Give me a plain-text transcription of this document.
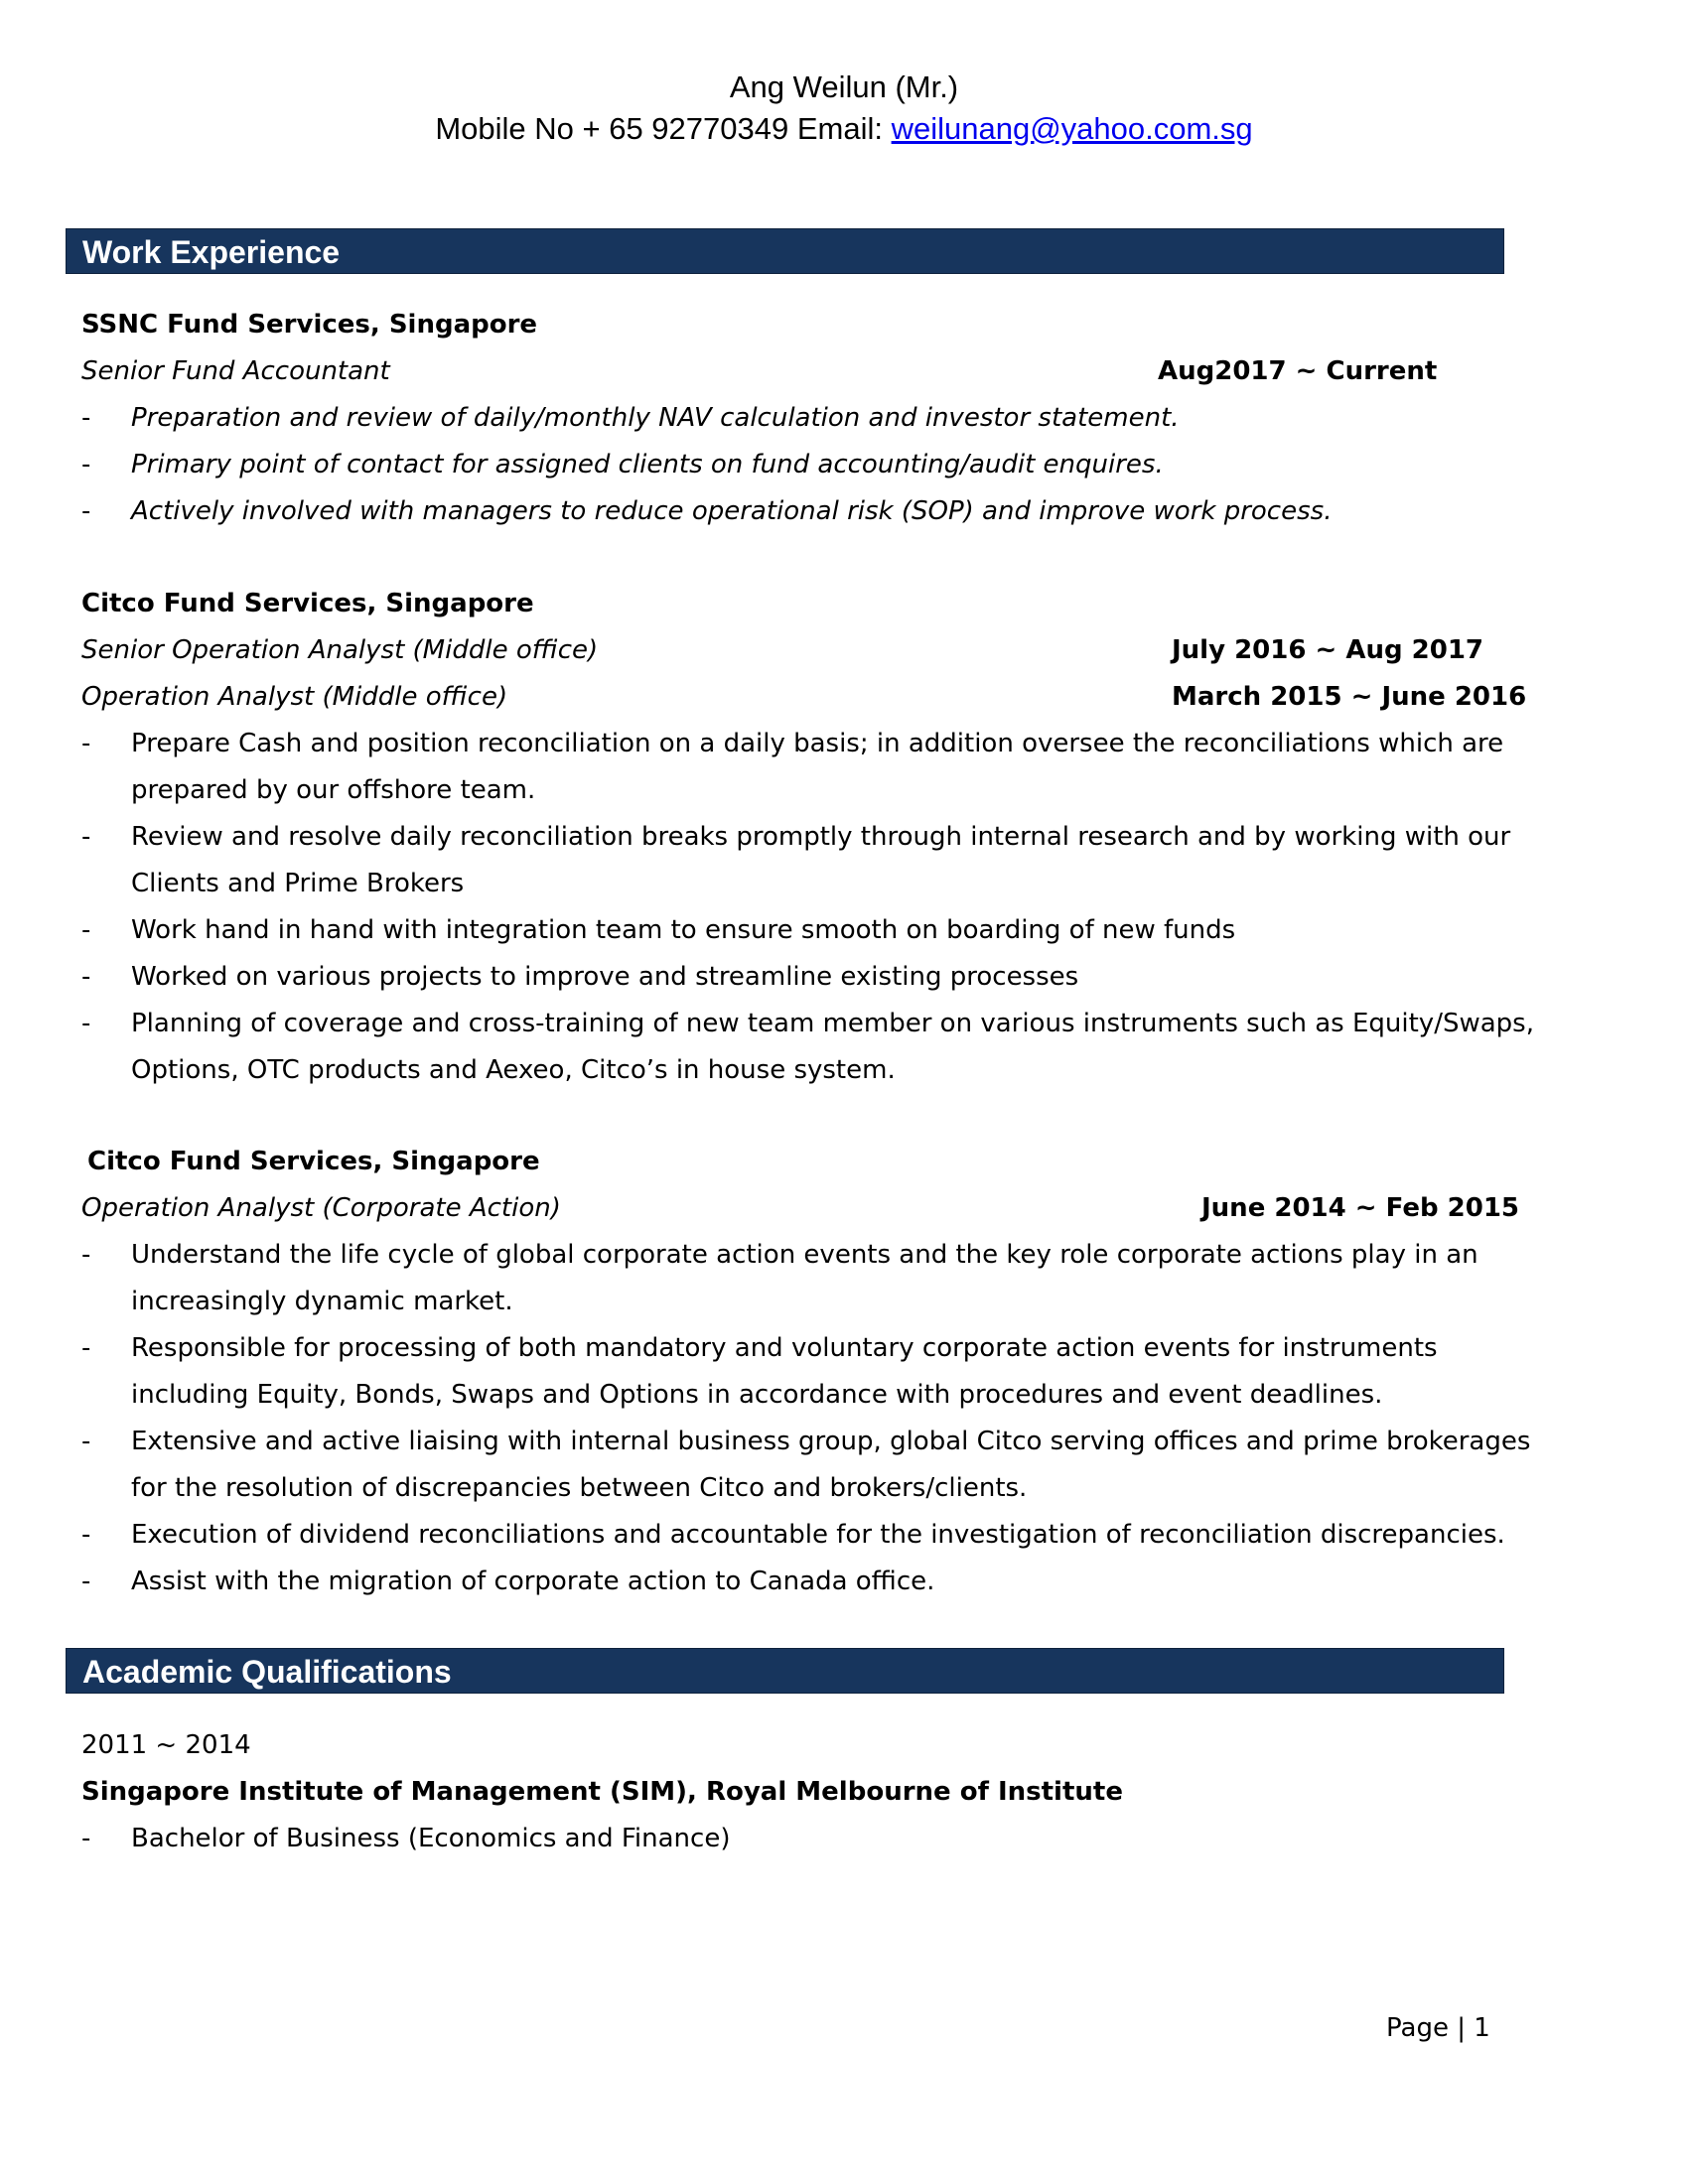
Ang Weilun (Mr.)
Mobile No + 65 92770349 Email: weilunang@yahoo.com.sg
Work Experience
SSNC Fund Services, Singapore
Senior Fund Accountant	Aug2017 ~ Current
- Preparation and review of daily/monthly NAV calculation and investor statement.
- Primary point of contact for assigned clients on fund accounting/audit enquires.
- Actively involved with managers to reduce operational risk (SOP) and improve work process.
Citco Fund Services, Singapore
Senior Operation Analyst (Middle office)	July 2016 ~ Aug 2017
Operation Analyst (Middle office)	March 2015 ~ June 2016
- Prepare Cash and position reconciliation on a daily basis; in addition oversee the reconciliations which are
prepared by our offshore team.
- Review and resolve daily reconciliation breaks promptly through internal research and by working with our
Clients and Prime Brokers
- Work hand in hand with integration team to ensure smooth on boarding of new funds
- Worked on various projects to improve and streamline existing processes
- Planning of coverage and cross-training of new team member on various instruments such as Equity/Swaps,
Options, OTC products and Aexeo, Citco’s in house system.
Citco Fund Services, Singapore
Operation Analyst (Corporate Action)	June 2014 ~ Feb 2015
- Understand the life cycle of global corporate action events and the key role corporate actions play in an
increasingly dynamic market.
- Responsible for processing of both mandatory and voluntary corporate action events for instruments
including Equity, Bonds, Swaps and Options in accordance with procedures and event deadlines.
- Extensive and active liaising with internal business group, global Citco serving offices and prime brokerages
for the resolution of discrepancies between Citco and brokers/clients.
- Execution of dividend reconciliations and accountable for the investigation of reconciliation discrepancies.
- Assist with the migration of corporate action to Canada office.
Academic Qualifications
2011 ~ 2014
Singapore Institute of Management (SIM), Royal Melbourne of Institute
- Bachelor of Business (Economics and Finance)
Page | 1
